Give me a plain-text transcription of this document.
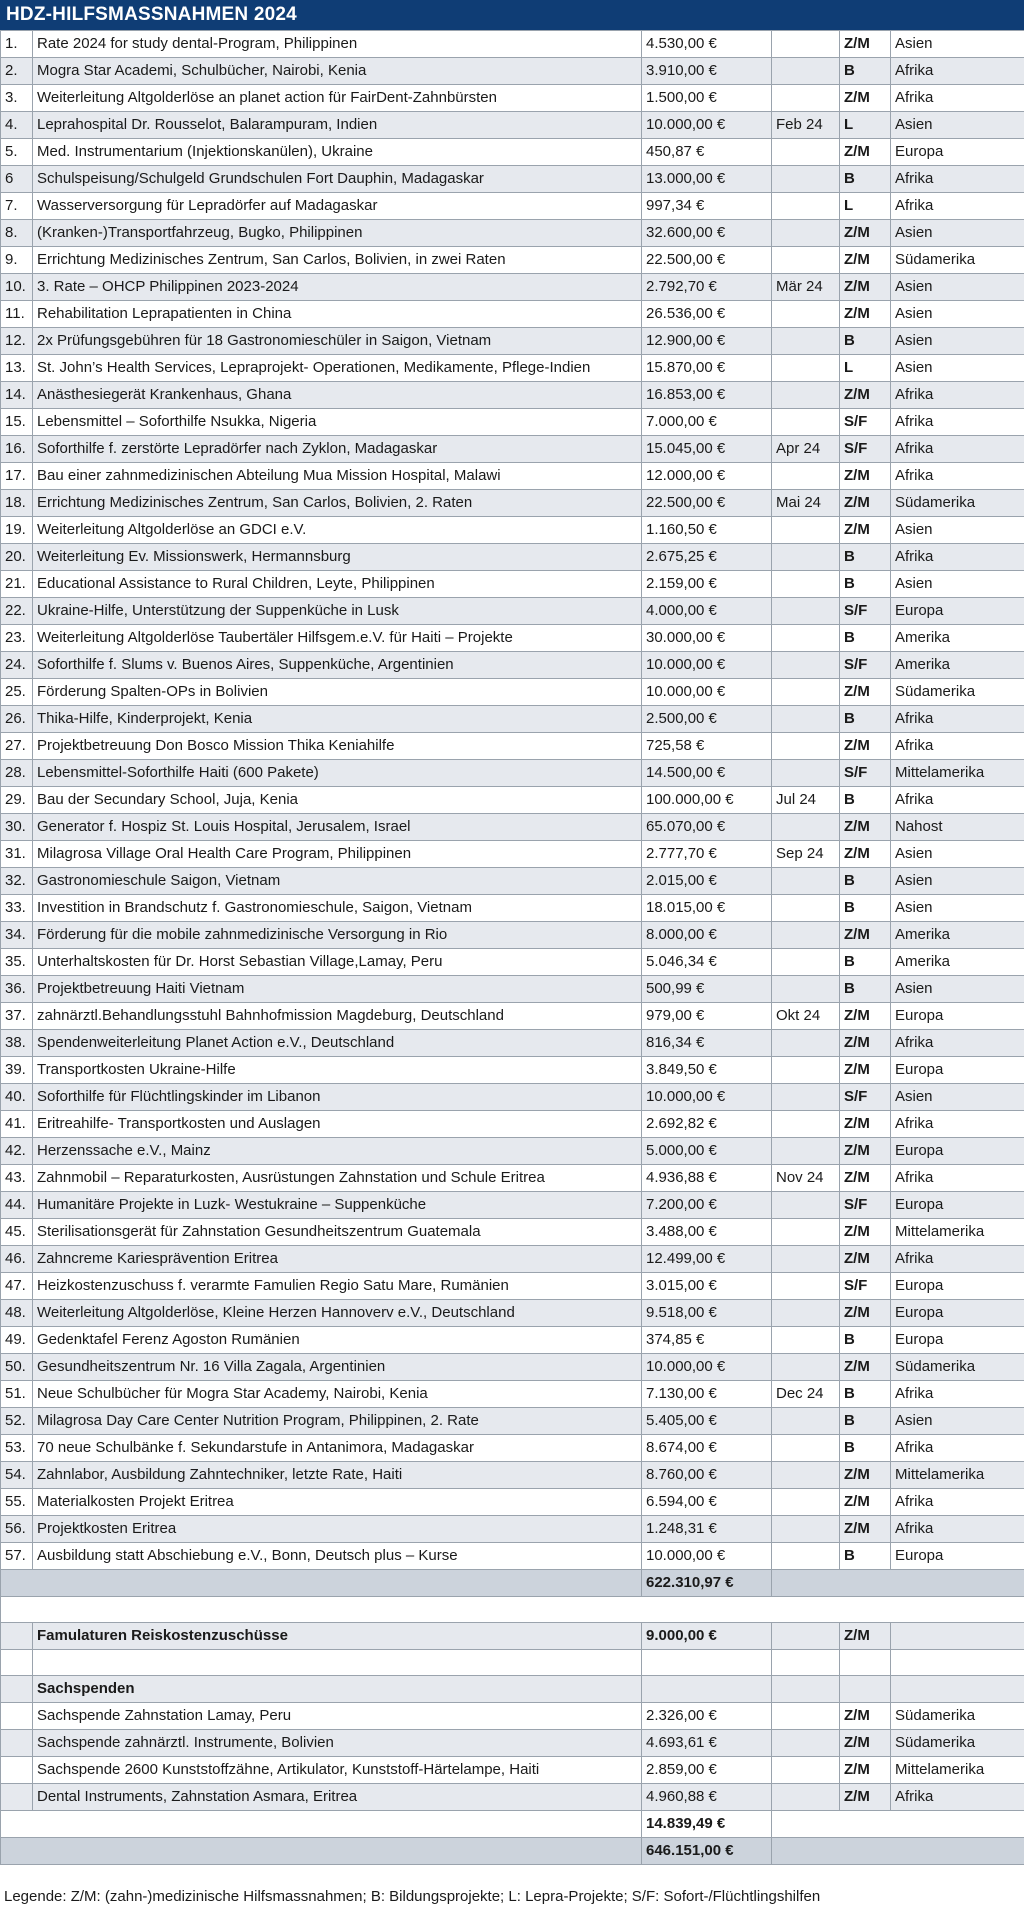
HDZ-HILFSMASSNAHMEN 2024
1.	Rate 2024 for study dental-Program, Philippinen	4.530,00 €		Z/M	Asien
2.	Mogra Star Academi, Schulbücher, Nairobi, Kenia	3.910,00 €		B	Afrika
3.	Weiterleitung Altgolderlöse an planet action für FairDent-Zahnbürsten	1.500,00 €		Z/M	Afrika
4.	Leprahospital Dr. Rousselot, Balarampuram, Indien	10.000,00 €	Feb 24	L	Asien
5.	Med. Instrumentarium (Injektionskanülen), Ukraine	450,87 €		Z/M	Europa
6	Schulspeisung/Schulgeld Grundschulen Fort Dauphin, Madagaskar	13.000,00 €		B	Afrika
7.	Wasserversorgung für Lepradörfer auf Madagaskar	997,34 €		L	Afrika
8.	(Kranken-)Transportfahrzeug, Bugko, Philippinen	32.600,00 €		Z/M	Asien
9.	Errichtung Medizinisches Zentrum, San Carlos, Bolivien, in zwei Raten	22.500,00 €		Z/M	Südamerika
10.	3. Rate – OHCP Philippinen 2023-2024	2.792,70 €	Mär 24	Z/M	Asien
11.	Rehabilitation Leprapatienten in China	26.536,00 €		Z/M	Asien
12.	2x Prüfungsgebühren für 18 Gastronomieschüler in Saigon, Vietnam	12.900,00 €		B	Asien
13.	St. John’s Health Services, Lepraprojekt- Operationen, Medikamente, Pflege-Indien	15.870,00 €		L	Asien
14.	Anästhesiegerät Krankenhaus, Ghana	16.853,00 €		Z/M	Afrika
15.	Lebensmittel – Soforthilfe Nsukka, Nigeria	7.000,00 €		S/F	Afrika
16.	Soforthilfe f. zerstörte Lepradörfer nach Zyklon, Madagaskar	15.045,00 €	Apr 24	S/F	Afrika
17.	Bau einer zahnmedizinischen Abteilung Mua Mission Hospital, Malawi	12.000,00 €		Z/M	Afrika
18.	Errichtung Medizinisches Zentrum, San Carlos, Bolivien, 2. Raten	22.500,00 €	Mai 24	Z/M	Südamerika
19.	Weiterleitung Altgolderlöse an GDCI e.V.	1.160,50 €		Z/M	Asien
20.	Weiterleitung Ev. Missionswerk, Hermannsburg	2.675,25 €		B	Afrika
21.	Educational Assistance to Rural Children, Leyte, Philippinen	2.159,00 €		B	Asien
22.	Ukraine-Hilfe, Unterstützung der Suppenküche in Lusk	4.000,00 €		S/F	Europa
23.	Weiterleitung Altgolderlöse Taubertäler Hilfsgem.e.V. für Haiti – Projekte	30.000,00 €		B	Amerika
24.	Soforthilfe f. Slums v. Buenos Aires, Suppenküche, Argentinien	10.000,00 €		S/F	Amerika
25.	Förderung Spalten-OPs in Bolivien	10.000,00 €		Z/M	Südamerika
26.	Thika-Hilfe, Kinderprojekt, Kenia	2.500,00 €		B	Afrika
27.	Projektbetreuung Don Bosco Mission Thika Keniahilfe	725,58 €		Z/M	Afrika
28.	Lebensmittel-Soforthilfe Haiti (600 Pakete)	14.500,00 €		S/F	Mittelamerika
29.	Bau der Secundary School, Juja, Kenia	100.000,00 €	Jul 24	B	Afrika
30.	Generator f. Hospiz St. Louis Hospital, Jerusalem, Israel	65.070,00 €		Z/M	Nahost
31.	Milagrosa Village Oral Health Care Program, Philippinen	2.777,70 €	Sep 24	Z/M	Asien
32.	Gastronomieschule Saigon, Vietnam	2.015,00 €		B	Asien
33.	Investition in Brandschutz f. Gastronomieschule, Saigon, Vietnam	18.015,00 €		B	Asien
34.	Förderung für die mobile zahnmedizinische Versorgung in Rio	8.000,00 €		Z/M	Amerika
35.	Unterhaltskosten für Dr. Horst Sebastian Village,Lamay, Peru	5.046,34 €		B	Amerika
36.	Projektbetreuung Haiti Vietnam	500,99 €		B	Asien
37.	zahnärztl.Behandlungsstuhl Bahnhofmission Magdeburg, Deutschland	979,00 €	Okt 24	Z/M	Europa
38.	Spendenweiterleitung Planet Action e.V., Deutschland	816,34 €		Z/M	Afrika
39.	Transportkosten Ukraine-Hilfe	3.849,50 €		Z/M	Europa
40.	Soforthilfe für Flüchtlingskinder im Libanon	10.000,00 €		S/F	Asien
41.	Eritreahilfe- Transportkosten und Auslagen	2.692,82 €		Z/M	Afrika
42.	Herzenssache e.V., Mainz	5.000,00 €		Z/M	Europa
43.	Zahnmobil – Reparaturkosten, Ausrüstungen Zahnstation und Schule Eritrea	4.936,88 €	Nov 24	Z/M	Afrika
44.	Humanitäre Projekte in Luzk- Westukraine – Suppenküche	7.200,00 €		S/F	Europa
45.	Sterilisationsgerät für Zahnstation Gesundheitszentrum Guatemala	3.488,00 €		Z/M	Mittelamerika
46.	Zahncreme Kariesprävention Eritrea	12.499,00 €		Z/M	Afrika
47.	Heizkostenzuschuss f. verarmte Famulien Regio Satu Mare, Rumänien	3.015,00 €		S/F	Europa
48.	Weiterleitung Altgolderlöse, Kleine Herzen Hannoverv e.V., Deutschland	9.518,00 €		Z/M	Europa
49.	Gedenktafel Ferenz Agoston Rumänien	374,85 €		B	Europa
50.	Gesundheitszentrum Nr. 16 Villa Zagala, Argentinien	10.000,00 €		Z/M	Südamerika
51.	Neue Schulbücher für Mogra Star Academy, Nairobi, Kenia	7.130,00 €	Dec 24	B	Afrika
52.	Milagrosa Day Care Center Nutrition Program, Philippinen, 2. Rate	5.405,00 €		B	Asien
53.	70 neue Schulbänke f. Sekundarstufe in Antanimora, Madagaskar	8.674,00 €		B	Afrika
54.	Zahnlabor, Ausbildung Zahntechniker, letzte Rate, Haiti	8.760,00 €		Z/M	Mittelamerika
55.	Materialkosten Projekt Eritrea	6.594,00 €		Z/M	Afrika
56.	Projektkosten Eritrea	1.248,31 €		Z/M	Afrika
57.	Ausbildung statt Abschiebung e.V., Bonn, Deutsch plus – Kurse	10.000,00 €		B	Europa
		622.310,97 €			

	Famulaturen Reiskostenzuschüsse	9.000,00 €		Z/M	

	Sachspenden				
	Sachspende Zahnstation Lamay, Peru	2.326,00 €		Z/M	Südamerika
	Sachspende zahnärztl. Instrumente, Bolivien	4.693,61 €		Z/M	Südamerika
	Sachspende 2600 Kunststoffzähne, Artikulator, Kunststoff-Härtelampe, Haiti	2.859,00 €		Z/M	Mittelamerika
	Dental Instruments, Zahnstation Asmara, Eritrea	4.960,88 €		Z/M	Afrika
		14.839,49 €			
		646.151,00 €			
Legende: Z/M: (zahn-)medizinische Hilfsmassnahmen; B: Bildungsprojekte; L: Lepra-Projekte; S/F: Sofort-/Flüchtlingshilfen
